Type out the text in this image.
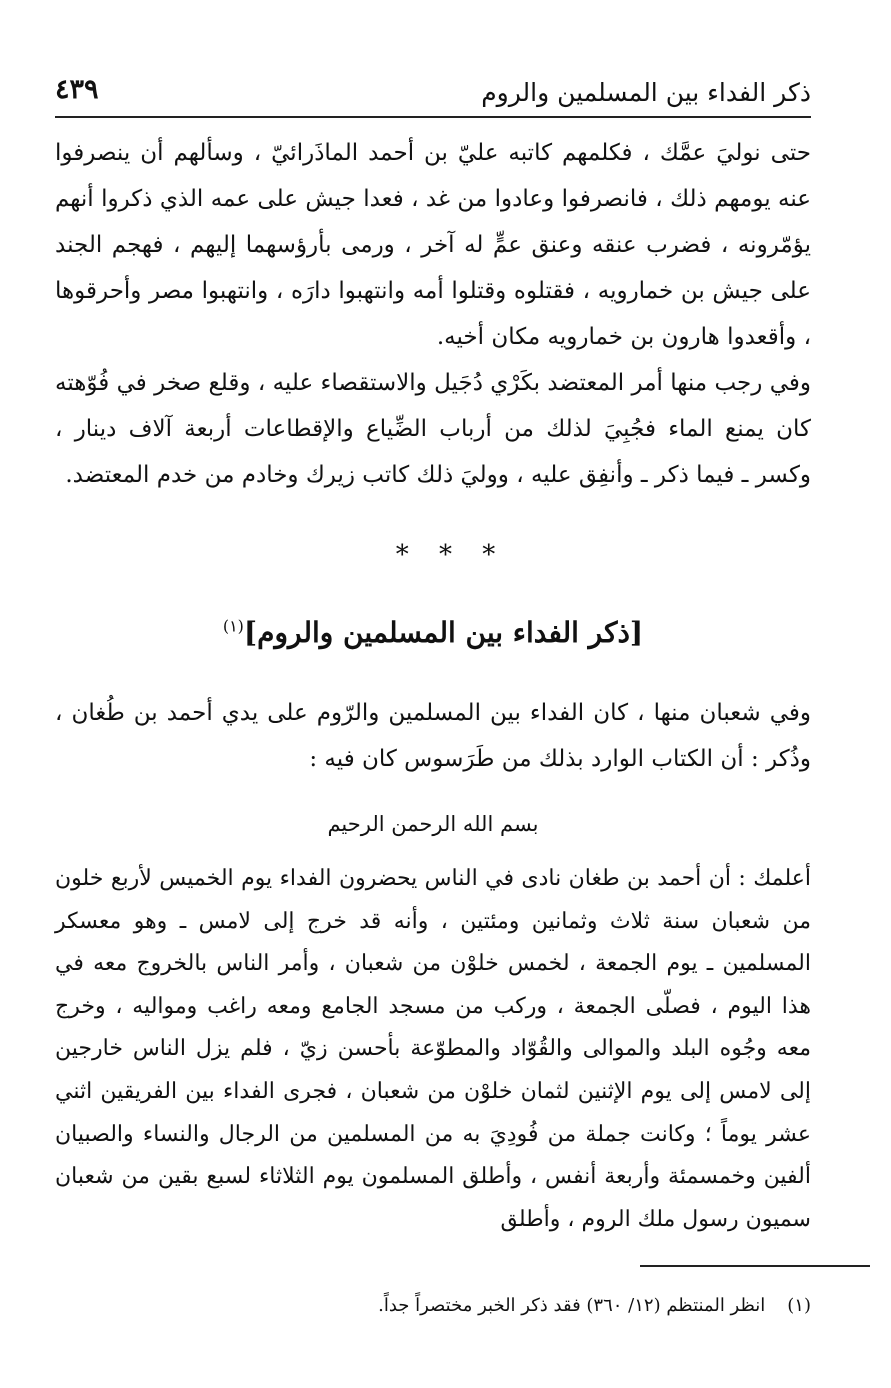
ذكر الفداء بين المسلمين والروم
٤٣٩

حتى نوليَ عمَّك ، فكلمهم كاتبه عليّ بن أحمد الماذَرائيّ ، وسألهم أن ينصرفوا عنه يومهم ذلك ، فانصرفوا وعادوا من غد ، فعدا جيش على عمه الذي ذكروا أنهم يؤمّرونه ، فضرب عنقه وعنق عمٍّ له آخر ، ورمى بأرؤسهما إليهم ، فهجم الجند على جيش بن خمارويه ، فقتلوه وقتلوا أمه وانتهبوا دارَه ، وانتهبوا مصر وأحرقوها ، وأقعدوا هارون بن خمارويه مكان أخيه.

وفي رجب منها أمر المعتضد بكَرْي دُجَيل والاستقصاء عليه ، وقلع صخر في فُوّهته كان يمنع الماء فجُبِيَ لذلك من أرباب الضِّياع والإقطاعات أربعة آلاف دينار ، وكسر ـ فيما ذكر ـ وأنفِق عليه ، ووليَ ذلك كاتب زيرك وخادم من خدم المعتضد.

* * *
[ذكر الفداء بين المسلمين والروم]$^{(١)}$

وفي شعبان منها ، كان الفداء بين المسلمين والرّوم على يدي أحمد بن طُغان ، وذُكر : أن الكتاب الوارد بذلك من طَرَسوس كان فيه :

بسم الله الرحمن الرحيم

أعلمك : أن أحمد بن طغان نادى في الناس يحضرون الفداء يوم الخميس لأربع خلون من شعبان سنة ثلاث وثمانين ومئتين ، وأنه قد خرج إلى لامس ـ وهو معسكر المسلمين ـ يوم الجمعة ، لخمس خلوْن من شعبان ، وأمر الناس بالخروج معه في هذا اليوم ، فصلّى الجمعة ، وركب من مسجد الجامع ومعه راغب ومواليه ، وخرج معه وجُوه البلد والموالى والقُوّاد والمطوّعة بأحسن زيّ ، فلم يزل الناس خارجين إلى لامس إلى يوم الإثنين لثمان خلوْن من شعبان ، فجرى الفداء بين الفريقين اثني عشر يوماً ؛ وكانت جملة من فُودِيَ به من المسلمين من الرجال والنساء والصبيان ألفين وخمسمئة وأربعة أنفس ، وأطلق المسلمون يوم الثلاثاء لسبع بقين من شعبان سميون رسول ملك الروم ، وأطلق

(١)انظر المنتظم (١٢/ ٣٦٠) فقد ذكر الخبر مختصراً جداً.
